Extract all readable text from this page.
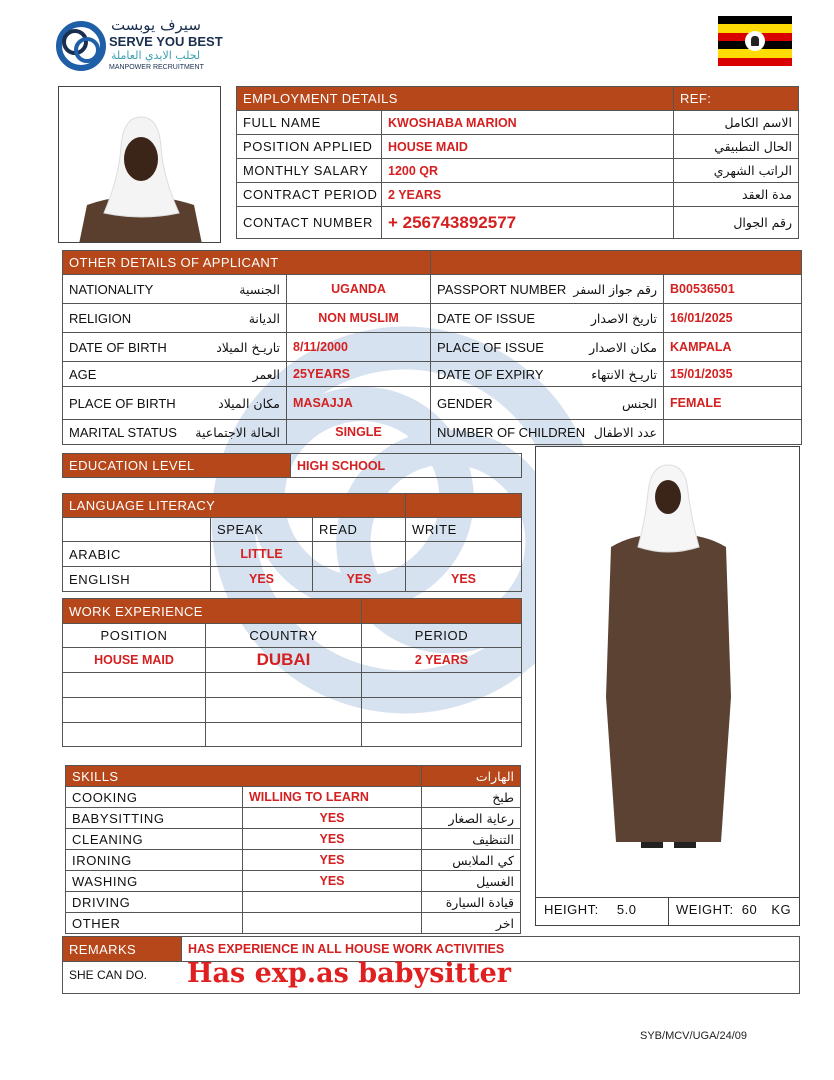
سيرف يوبست
SERVE YOU BEST
لجلب الايدي العاملة
MANPOWER RECRUITMENT
EMPLOYMENT DETAILS		REF:
FULL NAME	KWOSHABA MARION	الاسم الكامل
POSITION APPLIED	HOUSE MAID	الحال التطبيقي
MONTHLY SALARY	1200 QR	الراتب الشهري
CONTRACT PERIOD	2 YEARS	مدة العقد
CONTACT NUMBER	+ 256743892577	رقم الجوال
OTHER DETAILS OF APPLICANT			
NATIONALITY الجنسية	UGANDA	PASSPORT NUMBER رقم جواز السفر	B00536501
RELIGION الديانة	NON MUSLIM	DATE OF ISSUE تاريخ الاصدار	16/01/2025
DATE OF BIRTH تاريـخ الميلاد	8/11/2000	PLACE OF ISSUE مكان الاصدار	KAMPALA
AGE العمر	25YEARS	DATE OF EXPIRY تاريـخ الانتهاء	15/01/2035
PLACE OF BIRTH مكان الميلاد	MASAJJA	GENDER الجنس	FEMALE
MARITAL STATUS الحالة الاجتماعية	SINGLE	NUMBER OF CHILDREN عدد الاطفال	

EDUCATION LEVEL	HIGH SCHOOL
LANGUAGE LITERACY			
	SPEAK	READ	WRITE
ARABIC	LITTLE		
ENGLISH	YES	YES	YES
WORK EXPERIENCE		
POSITION	COUNTRY	PERIOD
HOUSE MAID	DUBAI	2 YEARS

SKILLS		الهارات
COOKING	WILLING TO LEARN	طبخ
BABYSITTING	YES	رعاية الصغار
CLEANING	YES	التنظيف
IRONING	YES	كي الملابس
WASHING	YES	الغسيل
DRIVING		قيادة السيارة
OTHER		اخر
HEIGHT: 5.0	WEIGHT: 60 KG
REMARKS	HAS EXPERIENCE IN ALL HOUSE WORK ACTIVITIES
SHE CAN DO. Has exp.as babysitter
SYB/MCV/UGA/24/09
